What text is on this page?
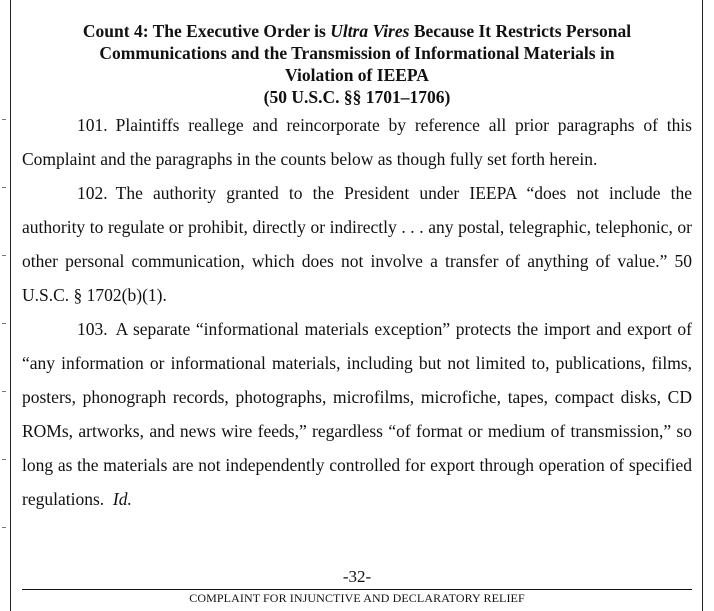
Count 4: The Executive Order is Ultra Vires Because It Restricts Personal
Communications and the Transmission of Informational Materials in
Violation of IEEPA
(50 U.S.C. §§ 1701–1706)

101. Plaintiffs reallege and reincorporate by reference all prior paragraphs of this Complaint and the paragraphs in the counts below as though fully set forth herein.

102. The authority granted to the President under IEEPA “does not include the authority to regulate or prohibit, directly or indirectly . . . any postal, telegraphic, telephonic, or other personal communication, which does not involve a transfer of anything of value.” 50 U.S.C. § 1702(b)(1).

103. A separate “informational materials exception” protects the import and export of “any information or informational materials, including but not limited to, publications, films, posters, phonograph records, photographs, microfilms, microfiche, tapes, compact disks, CD ROMs, artworks, and news wire feeds,” regardless “of format or medium of transmission,” so long as the materials are not independently controlled for export through operation of specified regulations. Id.

-32-
COMPLAINT FOR INJUNCTIVE AND DECLARATORY RELIEF
